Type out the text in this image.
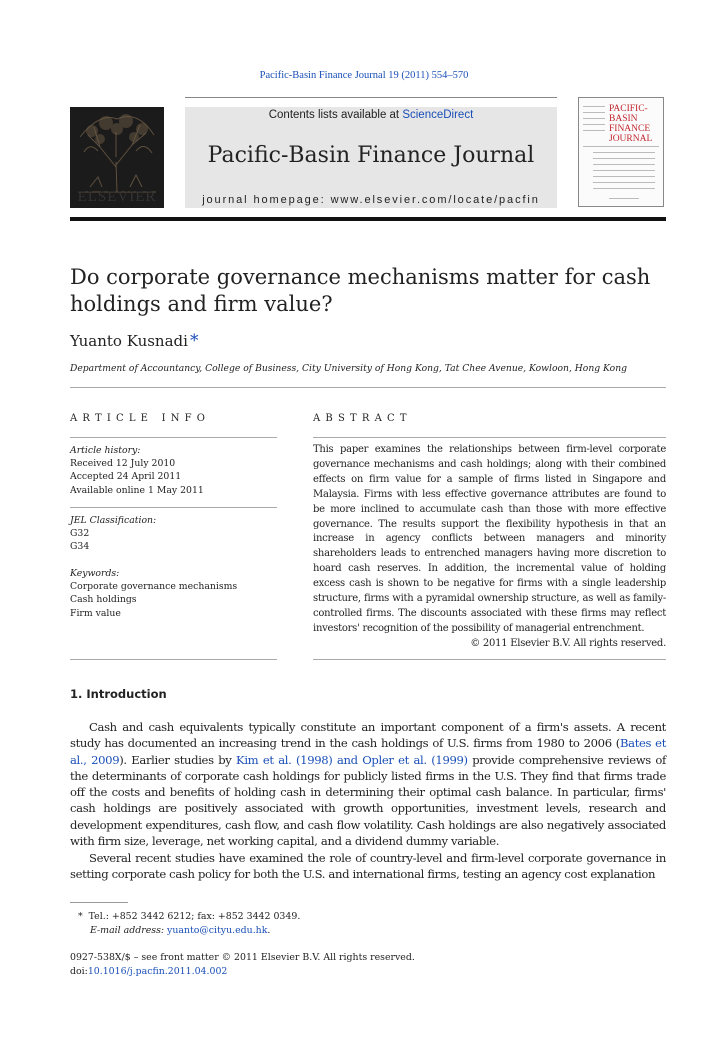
Pacific-Basin Finance Journal 19 (2011) 554–570
ELSEVIER
Contents lists available at ScienceDirect
Pacific-Basin Finance Journal
journal homepage: www.elsevier.com/locate/pacfin
PACIFIC-BASIN FINANCE JOURNAL
Do corporate governance mechanisms matter for cash holdings and firm value?
Yuanto Kusnadi *
Department of Accountancy, College of Business, City University of Hong Kong, Tat Chee Avenue, Kowloon, Hong Kong
ARTICLE INFO
Article history:
Received 12 July 2010
Accepted 24 April 2011
Available online 1 May 2011
JEL Classification:
G32
G34
Keywords:
Corporate governance mechanisms
Cash holdings
Firm value
ABSTRACT
This paper examines the relationships between firm-level corporate governance mechanisms and cash holdings; along with their combined effects on firm value for a sample of firms listed in Singapore and Malaysia. Firms with less effective governance attributes are found to be more inclined to accumulate cash than those with more effective governance. The results support the flexibility hypothesis in that an increase in agency conflicts between managers and minority shareholders leads to entrenched managers having more discretion to hoard cash reserves. In addition, the incremental value of holding excess cash is shown to be negative for firms with a single leadership structure, firms with a pyramidal ownership structure, as well as family-controlled firms. The discounts associated with these firms may reflect investors' recognition of the possibility of managerial entrenchment.
© 2011 Elsevier B.V. All rights reserved.
1. Introduction
Cash and cash equivalents typically constitute an important component of a firm's assets. A recent study has documented an increasing trend in the cash holdings of U.S. firms from 1980 to 2006 (Bates et al., 2009). Earlier studies by Kim et al. (1998) and Opler et al. (1999) provide comprehensive reviews of the determinants of corporate cash holdings for publicly listed firms in the U.S. They find that firms trade off the costs and benefits of holding cash in determining their optimal cash balance. In particular, firms' cash holdings are positively associated with growth opportunities, investment levels, research and development expenditures, cash flow, and cash flow volatility. Cash holdings are also negatively associated with firm size, leverage, net working capital, and a dividend dummy variable.
Several recent studies have examined the role of country-level and firm-level corporate governance in setting corporate cash policy for both the U.S. and international firms, testing an agency cost explanation
* Tel.: +852 3442 6212; fax: +852 3442 0349.
E-mail address: yuanto@cityu.edu.hk.
0927-538X/$ – see front matter © 2011 Elsevier B.V. All rights reserved.
doi:10.1016/j.pacfin.2011.04.002
